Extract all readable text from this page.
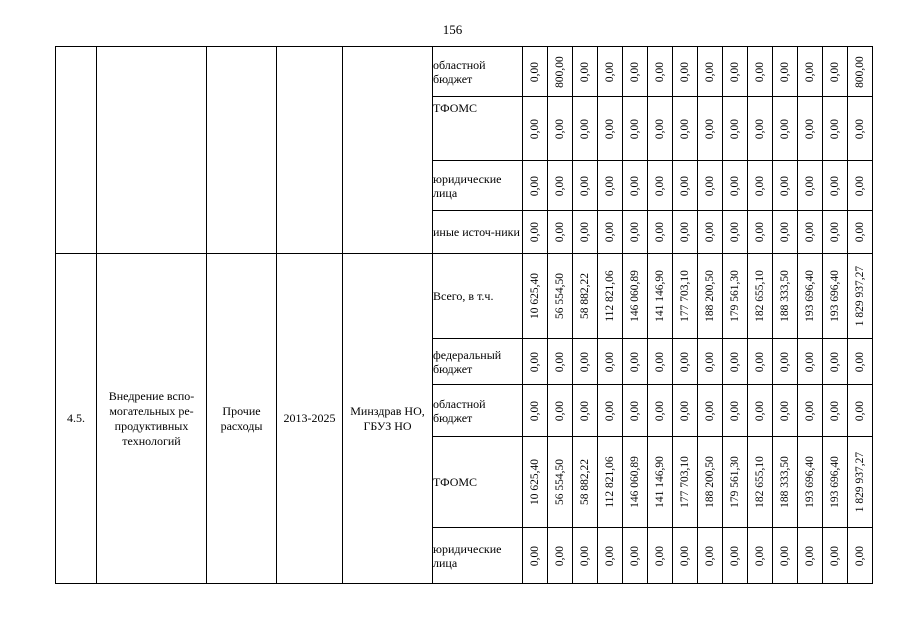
156
					областной бюджет	0,00	800,00	0,00	0,00	0,00	0,00	0,00	0,00	0,00	0,00	0,00	0,00	0,00	800,00

					ТФОМС	0,00	0,00	0,00	0,00	0,00	0,00	0,00	0,00	0,00	0,00	0,00	0,00	0,00	0,00

					юридические лица	0,00	0,00	0,00	0,00	0,00	0,00	0,00	0,00	0,00	0,00	0,00	0,00	0,00	0,00

					иные источ-ники	0,00	0,00	0,00	0,00	0,00	0,00	0,00	0,00	0,00	0,00	0,00	0,00	0,00	0,00

4.5.	Внедрение вспо-могательных ре-продуктивных технологий	Прочие расходы	2013-2025	Минздрав НО, ГБУЗ НО	Всего, в т.ч.	10 625,40	56 554,50	58 882,22	112 821,06	146 060,89	141 146,90	177 703,10	188 200,50	179 561,30	182 655,10	188 333,50	193 696,40	193 696,40	1 829 937,27

					федеральный бюджет	0,00	0,00	0,00	0,00	0,00	0,00	0,00	0,00	0,00	0,00	0,00	0,00	0,00	0,00

					областной бюджет	0,00	0,00	0,00	0,00	0,00	0,00	0,00	0,00	0,00	0,00	0,00	0,00	0,00	0,00

					ТФОМС	10 625,40	56 554,50	58 882,22	112 821,06	146 060,89	141 146,90	177 703,10	188 200,50	179 561,30	182 655,10	188 333,50	193 696,40	193 696,40	1 829 937,27

					юридические лица	0,00	0,00	0,00	0,00	0,00	0,00	0,00	0,00	0,00	0,00	0,00	0,00	0,00	0,00
